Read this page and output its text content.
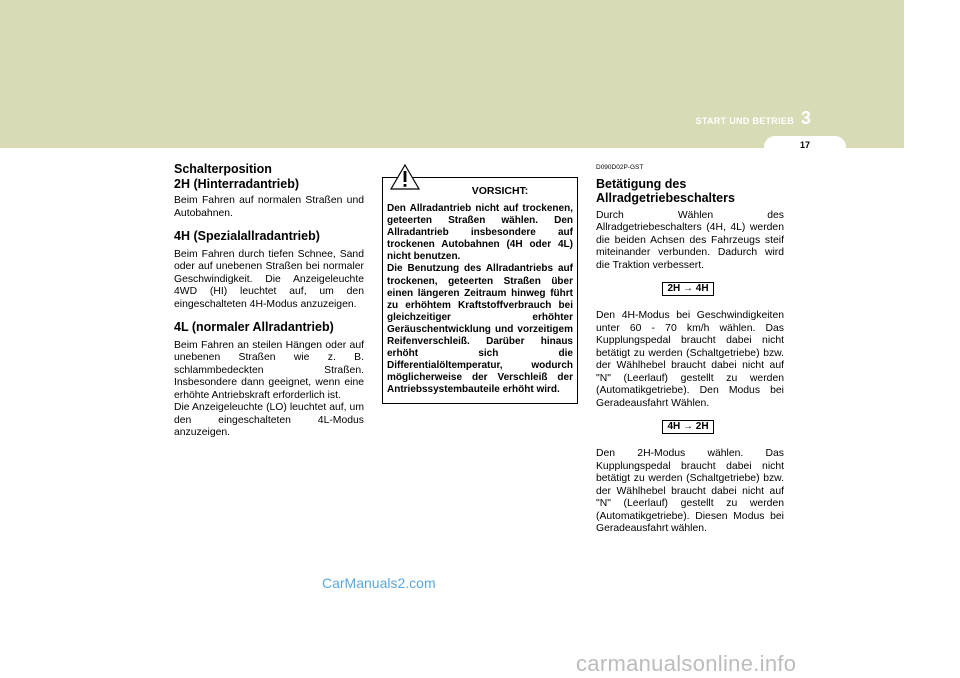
START UND BETRIEB 3
17
Schalterposition
2H (Hinterradantrieb)
Beim Fahren auf normalen Straßen und Autobahnen.
4H (Spezialallradantrieb)
Beim Fahren durch tiefen Schnee, Sand oder auf unebenen Straßen bei normaler Geschwindigkeit. Die Anzeigeleuchte 4WD (HI) leuchtet auf, um den eingeschalteten 4H-Modus anzuzeigen.
4L (normaler Allradantrieb)
Beim Fahren an steilen Hängen oder auf unebenen Straßen wie z. B. schlammbedeckten Straßen. Insbesondere dann geeignet, wenn eine erhöhte Antriebskraft erforderlich ist.
Die Anzeigeleuchte (LO) leuchtet auf, um den eingeschalteten 4L-Modus anzuzeigen.
VORSICHT:
Den Allradantrieb nicht auf trockenen, geteerten Straßen wählen. Den Allradantrieb insbesondere auf trockenen Autobahnen (4H oder 4L) nicht benutzen.
Die Benutzung des Allradantriebs auf trockenen, geteerten Straßen über einen längeren Zeitraum hinweg führt zu erhöhtem Kraftstoffverbrauch bei gleichzeitiger erhöhter Geräuschentwicklung und vorzeitigem Reifenverschleiß. Darüber hinaus erhöht sich die Differentialöltemperatur, wodurch möglicherweise der Verschleiß der Antriebssystembauteile erhöht wird.
D090D02P-GST
Betätigung des
Allradgetriebeschalters
Durch Wählen des Allradgetriebeschalters (4H, 4L) werden die beiden Achsen des Fahrzeugs steif miteinander verbunden. Dadurch wird die Traktion verbessert.
2H → 4H
Den 4H-Modus bei Geschwindigkeiten unter 60 - 70 km/h wählen. Das Kupplungspedal braucht dabei nicht betätigt zu werden (Schaltgetriebe) bzw. der Wählhebel braucht dabei nicht auf "N" (Leerlauf) gestellt zu werden (Automatikgetriebe). Den Modus bei Geradeausfahrt Wählen.
4H → 2H
Den 2H-Modus wählen. Das Kupplungspedal braucht dabei nicht betätigt zu werden (Schaltgetriebe) bzw. der Wählhebel braucht dabei nicht auf "N" (Leerlauf) gestellt zu werden (Automatikgetriebe). Diesen Modus bei Geradeausfahrt wählen.
CarManuals2.com
carmanualsonline.info
